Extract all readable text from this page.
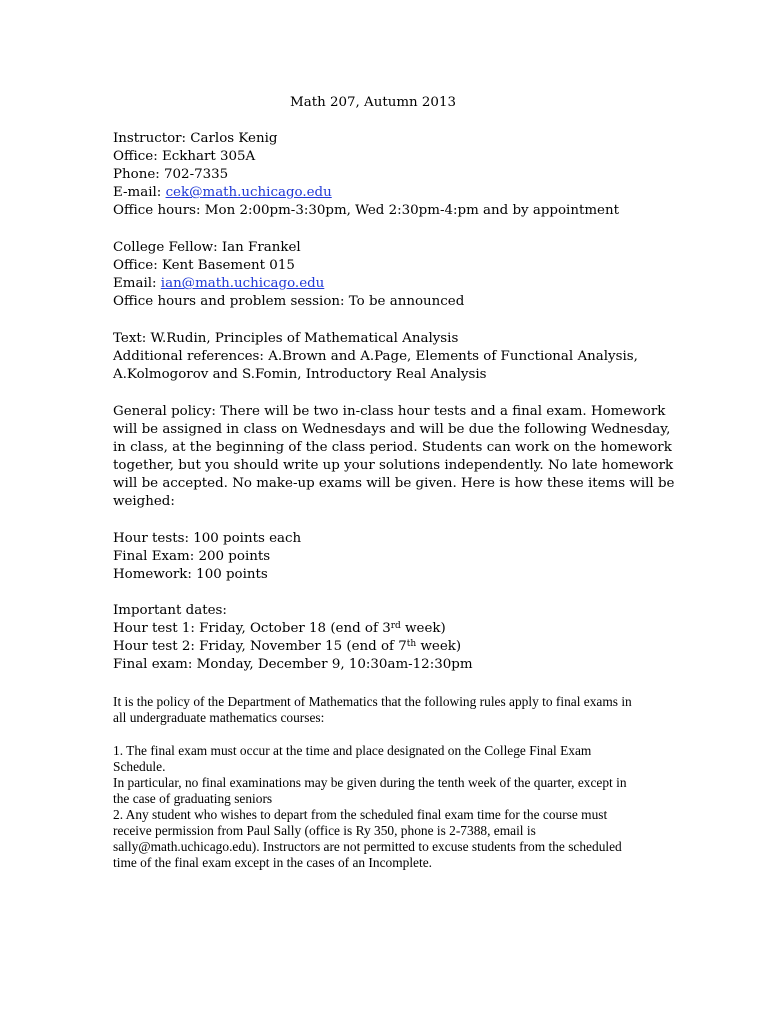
Math 207, Autumn 2013
Instructor: Carlos Kenig
Office: Eckhart 305A
Phone: 702-7335
E-mail: cek@math.uchicago.edu
Office hours: Mon 2:00pm-3:30pm, Wed 2:30pm-4:pm and by appointment
College Fellow: Ian Frankel
Office: Kent Basement 015
Email: ian@math.uchicago.edu
Office hours and problem session: To be announced
Text: W.Rudin, Principles of Mathematical Analysis
Additional references: A.Brown and A.Page, Elements of Functional Analysis,
A.Kolmogorov and S.Fomin, Introductory Real Analysis
General policy: There will be two in-class hour tests and a final exam. Homework
will be assigned in class on Wednesdays and will be due the following Wednesday,
in class, at the beginning of the class period. Students can work on the homework
together, but you should write up your solutions independently. No late homework
will be accepted. No make-up exams will be given. Here is how these items will be
weighed:
Hour tests: 100 points each
Final Exam: 200 points
Homework: 100 points
Important dates:
Hour test 1: Friday, October 18 (end of 3rd week)
Hour test 2: Friday, November 15 (end of 7th week)
Final exam: Monday, December 9, 10:30am-12:30pm
It is the policy of the Department of Mathematics that the following rules apply to final exams in
all undergraduate mathematics courses:
1. The final exam must occur at the time and place designated on the College Final Exam
Schedule.
In particular, no final examinations may be given during the tenth week of the quarter, except in
the case of graduating seniors
2. Any student who wishes to depart from the scheduled final exam time for the course must
receive permission from Paul Sally (office is Ry 350, phone is 2-7388, email is
sally@math.uchicago.edu). Instructors are not permitted to excuse students from the scheduled
time of the final exam except in the cases of an Incomplete.
